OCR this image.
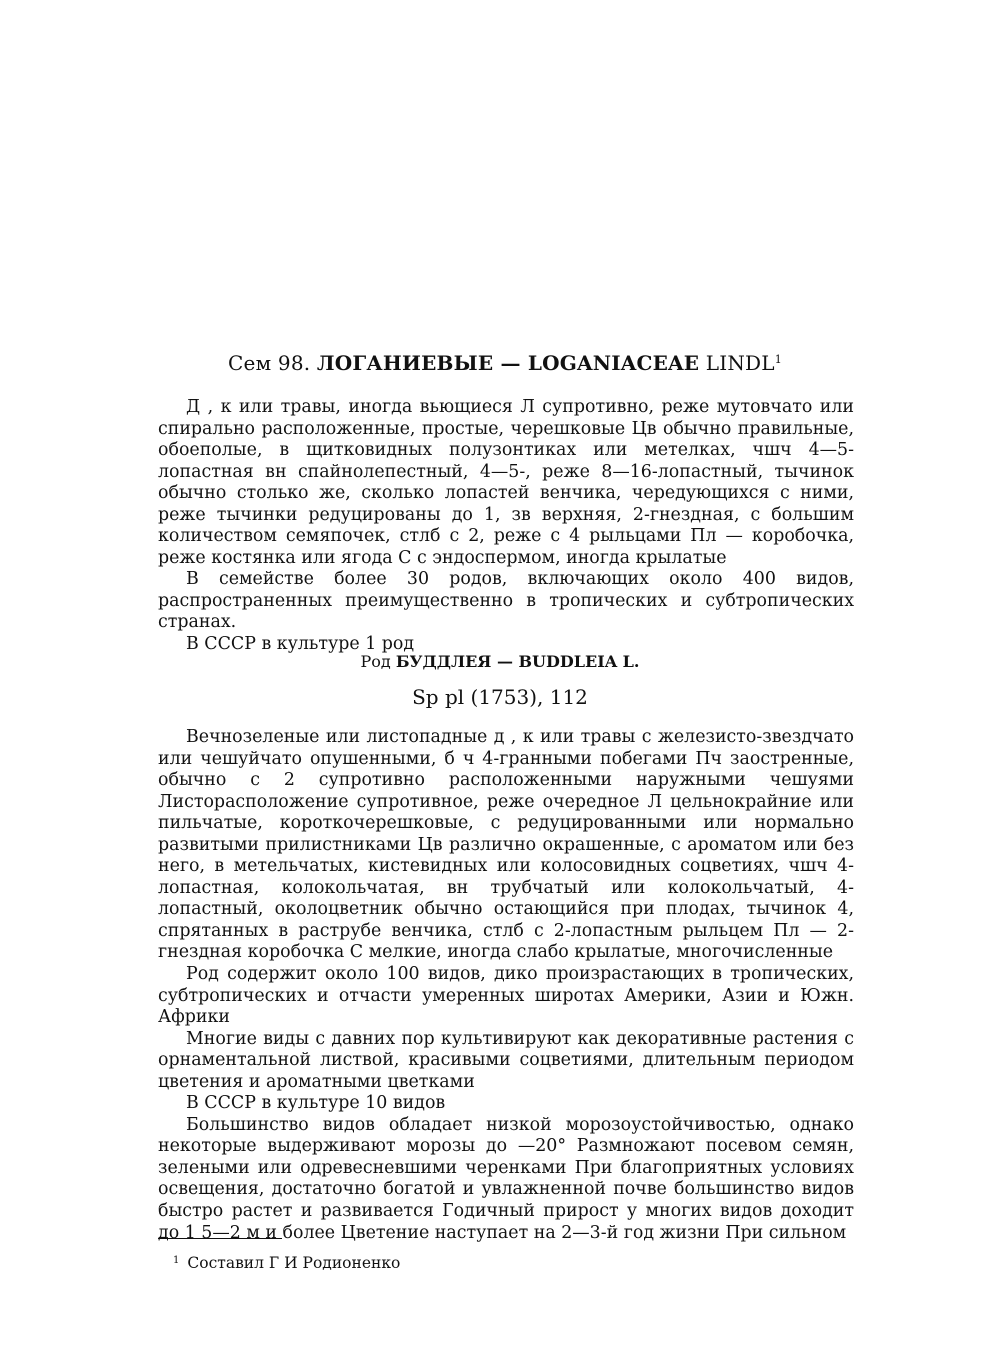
Сем 98. ЛОГАНИЕВЫЕ — LOGANIACEAE LINDL$^1$

Д , к или травы, иногда вьющиеся Л супротивно, реже мутовчато или спирально расположенные, простые, черешковые Цв обычно правильные, обоеполые, в щитковидных полузонтиках или метелках, чшч 4—5-лопастная вн спайнолепестный, 4—5-, реже 8—16-лопастный, тычинок обычно столько же, сколько лопастей венчика, чередующихся с ними, реже тычинки редуцированы до 1, зв верхняя, 2-гнездная, с большим количеством семяпочек, стлб с 2, реже с 4 рыльцами Пл — коробочка, реже костянка или ягода С с эндоспермом, иногда крылатые

В семействе более 30 родов, включающих около 400 видов, распространенных преимущественно в тропических и субтропических странах.

В СССР в культуре 1 род

Род БУДДЛЕЯ — BUDDLEIA L.
Sp pl (1753), 112

Вечнозеленые или листопадные д , к или травы с железисто-звездчато или чешуйчато опушенными, б ч 4-гранными побегами Пч заостренные, обычно с 2 супротивно расположенными наружными чешуями Листорасположение супротивное, реже очередное Л цельнокрайние или пильчатые, короткочерешковые, с редуцированными или нормально развитыми прилистниками Цв различно окрашенные, с ароматом или без него, в метельчатых, кистевидных или колосовидных соцветиях, чшч 4-лопастная, колокольчатая, вн трубчатый или колокольчатый, 4-лопастный, околоцветник обычно остающийся при плодах, тычинок 4, спрятанных в раструбе венчика, стлб с 2-лопастным рыльцем Пл — 2-гнездная коробочка С мелкие, иногда слабо крылатые, многочисленные

Род содержит около 100 видов, дико произрастающих в тропических, субтропических и отчасти умеренных широтах Америки, Азии и Южн. Африки

Многие виды с давних пор культивируют как декоративные растения с орнаментальной листвой, красивыми соцветиями, длительным периодом цветения и ароматными цветками

В СССР в культуре 10 видов

Большинство видов обладает низкой морозоустойчивостью, однако некоторые выдерживают морозы до —20° Размножают посевом семян, зелеными или одревесневшими черенками При благоприятных условиях освещения, достаточно богатой и увлажненной почве большинство видов быстро растет и развивается Годичный прирост у многих видов доходит до 1 5—2 м и более Цветение наступает на 2—3-й год жизни При сильном

$^1$ Составил Г И Родионенко
